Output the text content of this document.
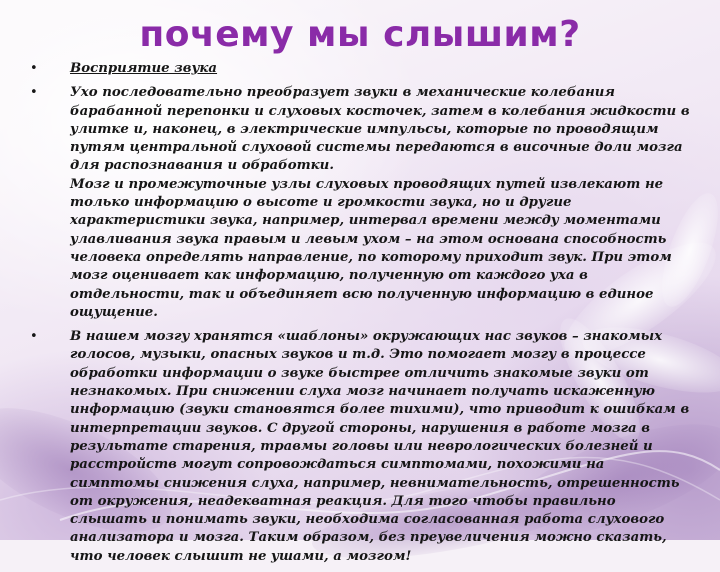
почему мы слышим?
• Восприятие звука
• Ухо последовательно преобразует звуки в механические колебания барабанной перепонки и слуховых косточек, затем в колебания жидкости в улитке и, наконец, в электрические импульсы, которые по проводящим путям центральной слуховой системы передаются в височные доли мозга для распознавания и обработки.
Мозг и промежуточные узлы слуховых проводящих путей извлекают не только информацию о высоте и громкости звука, но и другие характеристики звука, например, интервал времени между моментами улавливания звука правым и левым ухом – на этом основана способность человека определять направление, по которому приходит звук. При этом мозг оценивает как информацию, полученную от каждого уха в отдельности, так и объединяет всю полученную информацию в единое ощущение.
• В нашем мозгу хранятся «шаблоны» окружающих нас звуков – знакомых голосов, музыки, опасных звуков и т.д. Это помогает мозгу в процессе обработки информации о звуке быстрее отличить знакомые звуки от незнакомых. При снижении слуха мозг начинает получать искаженную информацию (звуки становятся более тихими), что приводит к ошибкам в интерпретации звуков. С другой стороны, нарушения в работе мозга в результате старения, травмы головы или неврологических болезней и расстройств могут сопровождаться симптомами, похожими на симптомы снижения слуха, например, невнимательность, отрешенность от окружения, неадекватная реакция. Для того чтобы правильно слышать и понимать звуки, необходима согласованная работа слухового анализатора и мозга. Таким образом, без преувеличения можно сказать, что человек слышит не ушами, а мозгом!
